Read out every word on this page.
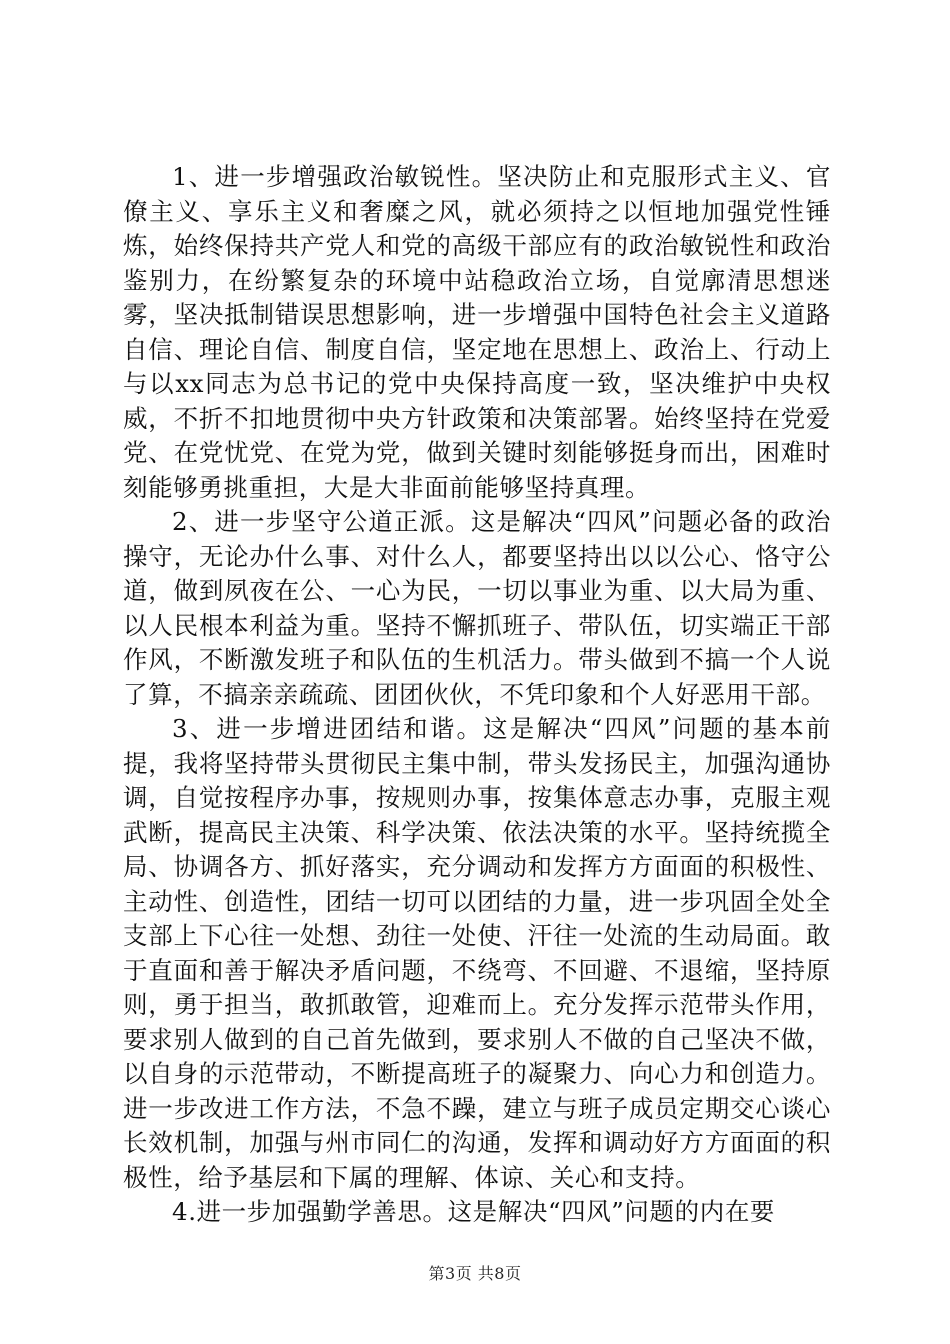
1、进一步增强政治敏锐性。坚决防止和克服形式主义、官僚主义、享乐主义和奢糜之风，就必须持之以恒地加强党性锤炼，始终保持共产党人和党的高级干部应有的政治敏锐性和政治鉴别力，在纷繁复杂的环境中站稳政治立场，自觉廓清思想迷雾，坚决抵制错误思想影响，进一步增强中国特色社会主义道路自信、理论自信、制度自信，坚定地在思想上、政治上、行动上与以xx同志为总书记的党中央保持高度一致，坚决维护中央权威，不折不扣地贯彻中央方针政策和决策部署。始终坚持在党爱党、在党忧党、在党为党，做到关键时刻能够挺身而出，困难时刻能够勇挑重担，大是大非面前能够坚持真理。

2、进一步坚守公道正派。这是解决“四风”问题必备的政治操守，无论办什么事、对什么人，都要坚持出以以公心、恪守公道，做到夙夜在公、一心为民，一切以事业为重、以大局为重、以人民根本利益为重。坚持不懈抓班子、带队伍，切实端正干部作风，不断激发班子和队伍的生机活力。带头做到不搞一个人说了算，不搞亲亲疏疏、团团伙伙，不凭印象和个人好恶用干部。

3、进一步增进团结和谐。这是解决“四风”问题的基本前提，我将坚持带头贯彻民主集中制，带头发扬民主，加强沟通协调，自觉按程序办事，按规则办事，按集体意志办事，克服主观武断，提高民主决策、科学决策、依法决策的水平。坚持统揽全局、协调各方、抓好落实，充分调动和发挥方方面面的积极性、主动性、创造性，团结一切可以团结的力量，进一步巩固全处全支部上下心往一处想、劲往一处使、汗往一处流的生动局面。敢于直面和善于解决矛盾问题，不绕弯、不回避、不退缩，坚持原则，勇于担当，敢抓敢管，迎难而上。充分发挥示范带头作用，要求别人做到的自己首先做到，要求别人不做的自己坚决不做，以自身的示范带动，不断提高班子的凝聚力、向心力和创造力。进一步改进工作方法，不急不躁，建立与班子成员定期交心谈心长效机制，加强与州市同仁的沟通，发挥和调动好方方面面的积极性，给予基层和下属的理解、体谅、关心和支持。

4.进一步加强勤学善思。这是解决“四风”问题的内在要

第3页 共8页
